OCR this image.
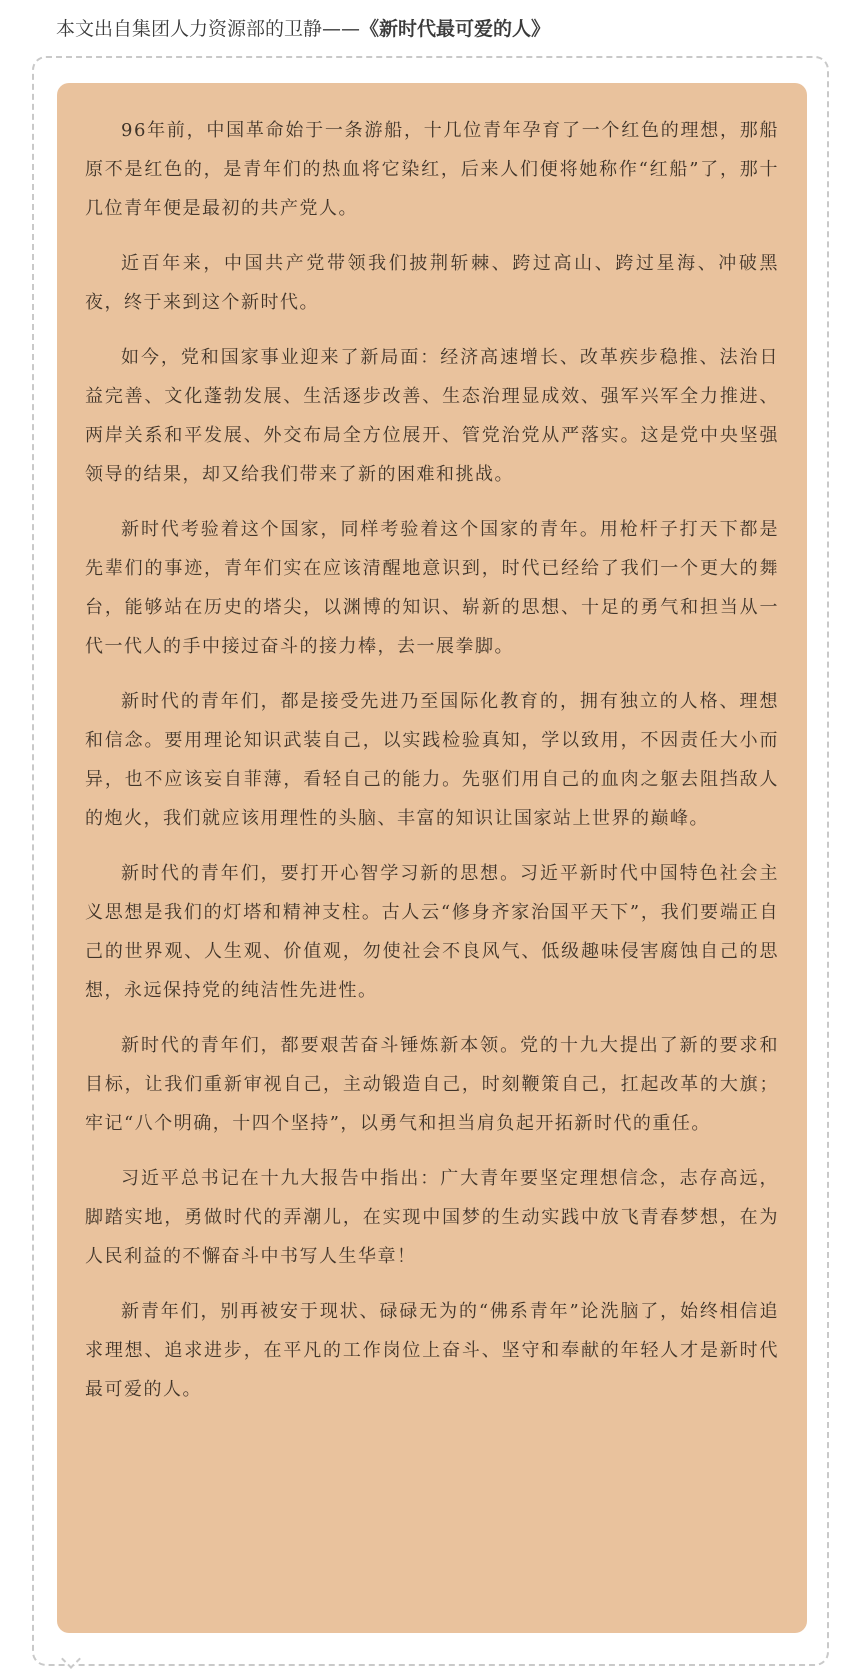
本文出自集团人力资源部的卫静——《新时代最可爱的人》

96年前，中国革命始于一条游船，十几位青年孕育了一个红色的理想，那船原不是红色的，是青年们的热血将它染红，后来人们便将她称作“红船”了，那十几位青年便是最初的共产党人。

近百年来，中国共产党带领我们披荆斩棘、跨过高山、跨过星海、冲破黑夜，终于来到这个新时代。

如今，党和国家事业迎来了新局面：经济高速增长、改革疾步稳推、法治日益完善、文化蓬勃发展、生活逐步改善、生态治理显成效、强军兴军全力推进、两岸关系和平发展、外交布局全方位展开、管党治党从严落实。这是党中央坚强领导的结果，却又给我们带来了新的困难和挑战。

新时代考验着这个国家，同样考验着这个国家的青年。用枪杆子打天下都是先辈们的事迹，青年们实在应该清醒地意识到，时代已经给了我们一个更大的舞台，能够站在历史的塔尖，以渊博的知识、崭新的思想、十足的勇气和担当从一代一代人的手中接过奋斗的接力棒，去一展拳脚。

新时代的青年们，都是接受先进乃至国际化教育的，拥有独立的人格、理想和信念。要用理论知识武装自己，以实践检验真知，学以致用，不因责任大小而异，也不应该妄自菲薄，看轻自己的能力。先驱们用自己的血肉之躯去阻挡敌人的炮火，我们就应该用理性的头脑、丰富的知识让国家站上世界的巅峰。

新时代的青年们，要打开心智学习新的思想。习近平新时代中国特色社会主义思想是我们的灯塔和精神支柱。古人云“修身齐家治国平天下”，我们要端正自己的世界观、人生观、价值观，勿使社会不良风气、低级趣味侵害腐蚀自己的思想，永远保持党的纯洁性先进性。

新时代的青年们，都要艰苦奋斗锤炼新本领。党的十九大提出了新的要求和目标，让我们重新审视自己，主动锻造自己，时刻鞭策自己，扛起改革的大旗；牢记“八个明确，十四个坚持”，以勇气和担当肩负起开拓新时代的重任。

习近平总书记在十九大报告中指出：广大青年要坚定理想信念，志存高远，脚踏实地，勇做时代的弄潮儿，在实现中国梦的生动实践中放飞青春梦想，在为人民利益的不懈奋斗中书写人生华章！

新青年们，别再被安于现状、碌碌无为的“佛系青年”论洗脑了，始终相信追求理想、追求进步，在平凡的工作岗位上奋斗、坚守和奉献的年轻人才是新时代最可爱的人。
